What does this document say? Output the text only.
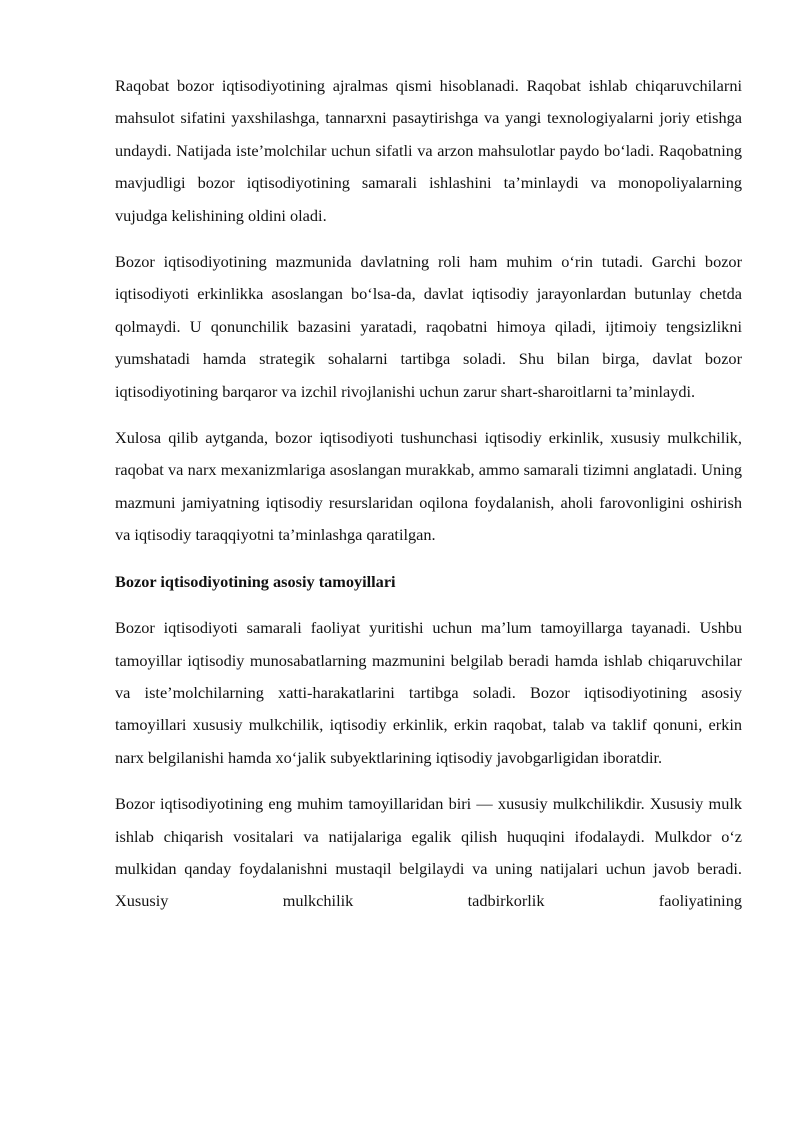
Raqobat bozor iqtisodiyotining ajralmas qismi hisoblanadi. Raqobat ishlab chiqaruvchilarni mahsulot sifatini yaxshilashga, tannarxni pasaytirishga va yangi texnologiyalarni joriy etishga undaydi. Natijada iste’molchilar uchun sifatli va arzon mahsulotlar paydo bo‘ladi. Raqobatning mavjudligi bozor iqtisodiyotining samarali ishlashini ta’minlaydi va monopoliyalarning vujudga kelishining oldini oladi.

Bozor iqtisodiyotining mazmunida davlatning roli ham muhim o‘rin tutadi. Garchi bozor iqtisodiyoti erkinlikka asoslangan bo‘lsa-da, davlat iqtisodiy jarayonlardan butunlay chetda qolmaydi. U qonunchilik bazasini yaratadi, raqobatni himoya qiladi, ijtimoiy tengsizlikni yumshatadi hamda strategik sohalarni tartibga soladi. Shu bilan birga, davlat bozor iqtisodiyotining barqaror va izchil rivojlanishi uchun zarur shart-sharoitlarni ta’minlaydi.

Xulosa qilib aytganda, bozor iqtisodiyoti tushunchasi iqtisodiy erkinlik, xususiy mulkchilik, raqobat va narx mexanizmlariga asoslangan murakkab, ammo samarali tizimni anglatadi. Uning mazmuni jamiyatning iqtisodiy resurslaridan oqilona foydalanish, aholi farovonligini oshirish va iqtisodiy taraqqiyotni ta’minlashga qaratilgan.

Bozor iqtisodiyotining asosiy tamoyillari

Bozor iqtisodiyoti samarali faoliyat yuritishi uchun ma’lum tamoyillarga tayanadi. Ushbu tamoyillar iqtisodiy munosabatlarning mazmunini belgilab beradi hamda ishlab chiqaruvchilar va iste’molchilarning xatti-harakatlarini tartibga soladi. Bozor iqtisodiyotining asosiy tamoyillari xususiy mulkchilik, iqtisodiy erkinlik, erkin raqobat, talab va taklif qonuni, erkin narx belgilanishi hamda xo‘jalik subyektlarining iqtisodiy javobgarligidan iboratdir.

Bozor iqtisodiyotining eng muhim tamoyillaridan biri — xususiy mulkchilikdir. Xususiy mulk ishlab chiqarish vositalari va natijalariga egalik qilish huquqini ifodalaydi. Mulkdor o‘z mulkidan qanday foydalanishni mustaqil belgilaydi va uning natijalari uchun javob beradi. Xususiy mulkchilik tadbirkorlik faoliyatining
